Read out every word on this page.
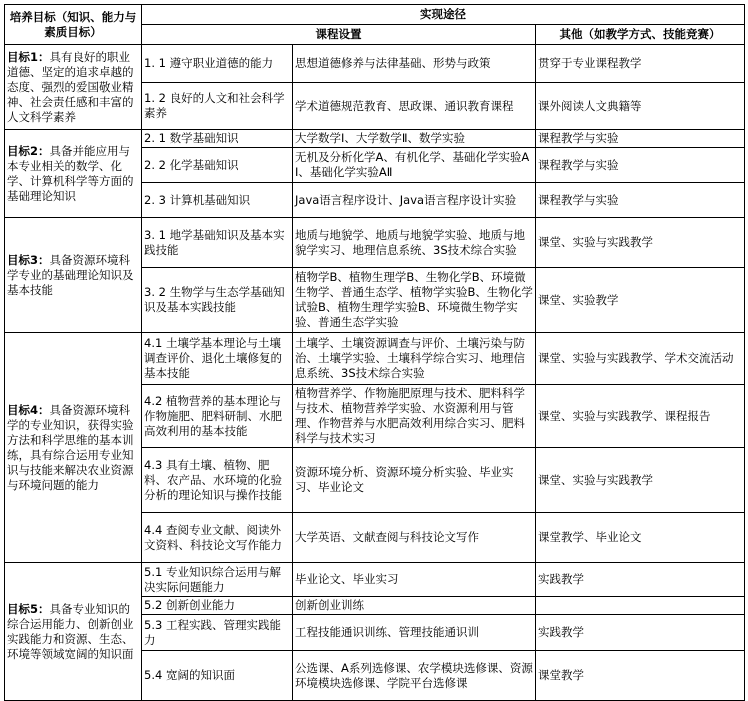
培养目标（知识、能力与素质目标）	实现途径		
	课程设置		其他（如教学方式、技能竞赛）
目标1：具有良好的职业道德、坚定的追求卓越的态度、强烈的爱国敬业精神、社会责任感和丰富的人文科学素养	1. 1 遵守职业道德的能力	思想道德修养与法律基础、形势与政策	贯穿于专业课程教学
	1. 2 良好的人文和社会科学素养	学术道德规范教育、思政课、通识教育课程	课外阅读人文典籍等
目标2：具备并能应用与本专业相关的数学、化学、计算机科学等方面的基础理论知识	2. 1 数学基础知识	大学数学Ⅰ、大学数学Ⅱ、数学实验	课程教学与实验
	2. 2 化学基础知识	无机及分析化学A、有机化学、基础化学实验AⅠ、基础化学实验AⅡ	课程教学与实验
	2. 3 计算机基础知识	Java语言程序设计、Java语言程序设计实验	课程教学与实验
目标3：具备资源环境科学专业的基础理论知识及基本技能	3. 1 地学基础知识及基本实践技能	地质与地貌学、地质与地貌学实验、地质与地貌学实习、地理信息系统、3S技术综合实验	课堂、实验与实践教学
	3. 2 生物学与生态学基础知识及基本实践技能	植物学B、植物生理学B、生物化学B、环境微生物学、普通生态学、植物学实验B、生物化学试验B、植物生理学实验B、环境微生物学实验、普通生态学实验	课堂、实验教学
目标4：具备资源环境科学的专业知识，获得实验方法和科学思维的基本训练，具有综合运用专业知识与技能来解决农业资源与环境问题的能力	4.1 土壤学基本理论与土壤调查评价、退化土壤修复的基本技能	土壤学、土壤资源调查与评价、土壤污染与防治、土壤学实验、土壤科学综合实习、地理信息系统、3S技术综合实验	课堂、实验与实践教学、学术交流活动
	4.2 植物营养的基本理论与作物施肥、肥料研制、水肥高效利用的基本技能	植物营养学、作物施肥原理与技术、肥料科学与技术、植物营养学实验、水资源利用与管理、作物营养与水肥高效利用综合实习、肥料科学与技术实习	课堂、实验与实践教学、课程报告
	4.3 具有土壤、植物、肥料、农产品、水环境的化验分析的理论知识与操作技能	资源环境分析、资源环境分析实验、毕业实习、毕业论文	课堂、实验与实践教学
	4.4 查阅专业文献、阅读外文资料、科技论文写作能力	大学英语、文献查阅与科技论文写作	课堂教学、毕业论文
目标5：具备专业知识的综合运用能力、创新创业实践能力和资源、生态、环境等领域宽阔的知识面	5.1 专业知识综合运用与解决实际问题能力	毕业论文、毕业实习	实践教学
	5.2 创新创业能力	创新创业训练	
	5.3 工程实践、管理实践能力	工程技能通识训练、管理技能通识训	实践教学
	5.4 宽阔的知识面	公选课、A系列选修课、农学模块选修课、资源环境模块选修课、学院平台选修课	课堂教学
